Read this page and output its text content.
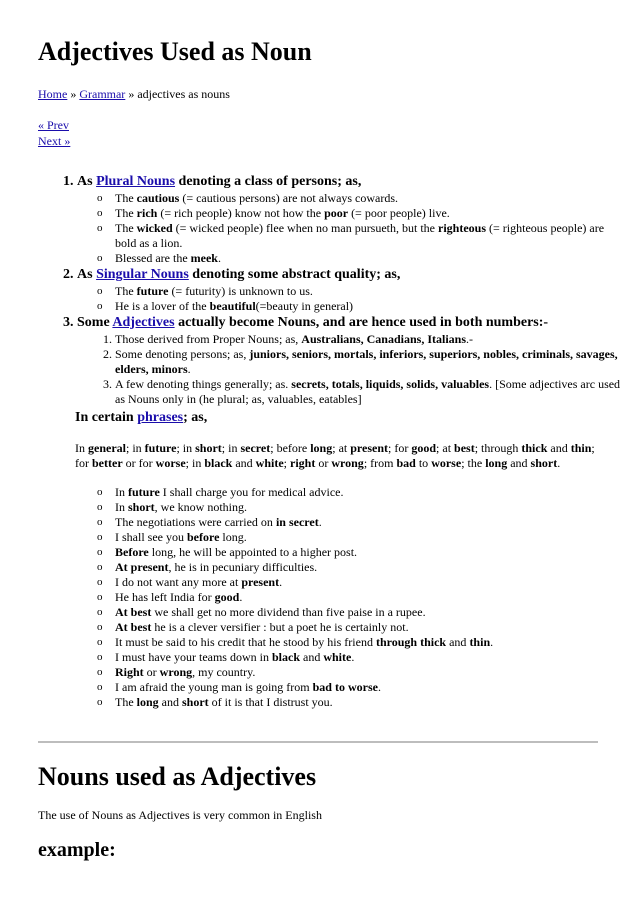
Adjectives Used as Noun
Home » Grammar » adjectives as nouns
« Prev
Next »
1. As Plural Nouns denoting a class of persons; as,
o The cautious (= cautious persons) are not always cowards.
o The rich (= rich people) know not how the poor (= poor people) live.
o The wicked (= wicked people) flee when no man pursueth, but the righteous (= righteous people) are bold as a lion.
o Blessed are the meek.
2. As Singular Nouns denoting some abstract quality; as,
o The future (= futurity) is unknown to us.
o He is a lover of the beautiful(=beauty in general)
3. Some Adjectives actually become Nouns, and are hence used in both numbers:-
1. Those derived from Proper Nouns; as, Australians, Canadians, Italians.-
2. Some denoting persons; as, juniors, seniors, mortals, inferiors, superiors, nobles, criminals, savages, elders, minors.
3. A few denoting things generally; as. secrets, totals, liquids, solids, valuables. [Some adjectives arc used as Nouns only in (he plural; as, valuables, eatables]
In certain phrases; as,
In general; in future; in short; in secret; before long; at present; for good; at best; through thick and thin; for better or for worse; in black and white; right or wrong; from bad to worse; the long and short.
o In future I shall charge you for medical advice.
o In short, we know nothing.
o The negotiations were carried on in secret.
o I shall see you before long.
o Before long, he will be appointed to a higher post.
o At present, he is in pecuniary difficulties.
o I do not want any more at present.
o He has left India for good.
o At best we shall get no more dividend than five paise in a rupee.
o At best he is a clever versifier : but a poet he is certainly not.
o It must be said to his credit that he stood by his friend through thick and thin.
o I must have your teams down in black and white.
o Right or wrong, my country.
o I am afraid the young man is going from bad to worse.
o The long and short of it is that I distrust you.
Nouns used as Adjectives
The use of Nouns as Adjectives is very common in English
example:
